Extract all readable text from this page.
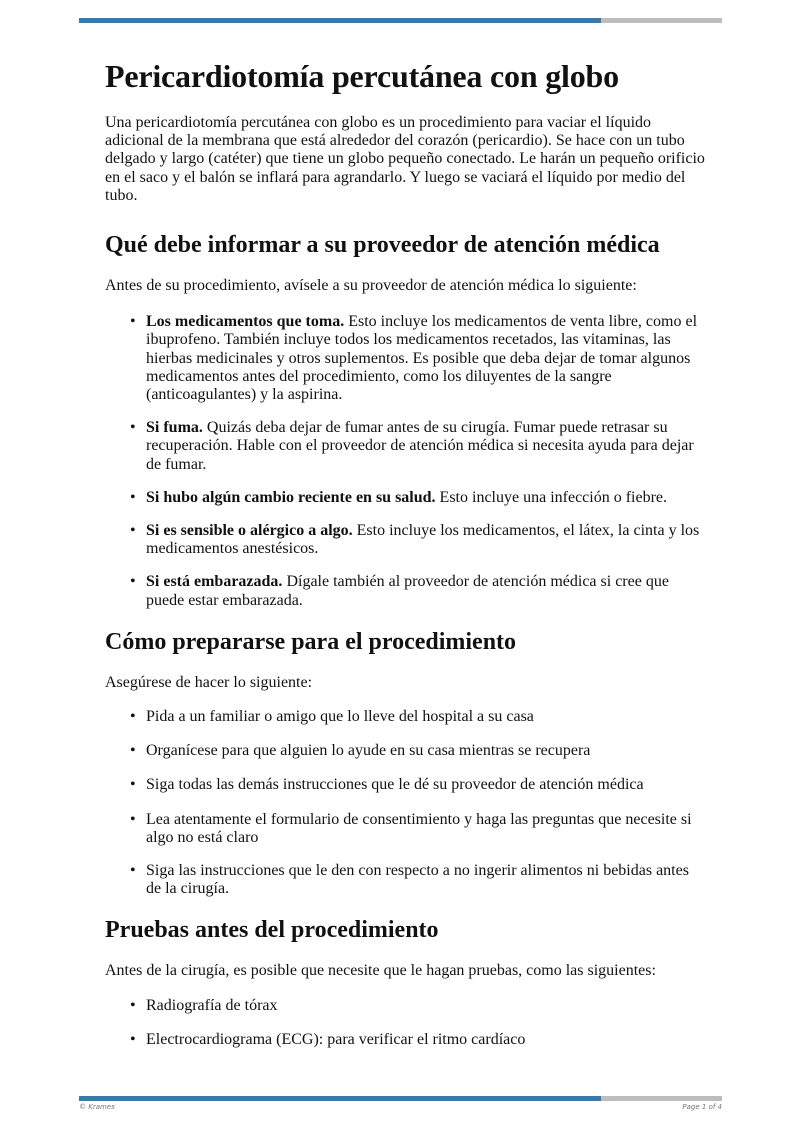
Pericardiotomía percutánea con globo

Una pericardiotomía percutánea con globo es un procedimiento para vaciar el líquido adicional de la membrana que está alrededor del corazón (pericardio). Se hace con un tubo delgado y largo (catéter) que tiene un globo pequeño conectado. Le harán un pequeño orificio en el saco y el balón se inflará para agrandarlo. Y luego se vaciará el líquido por medio del tubo.

Qué debe informar a su proveedor de atención médica

Antes de su procedimiento, avísele a su proveedor de atención médica lo siguiente:

• Los medicamentos que toma. Esto incluye los medicamentos de venta libre, como el ibuprofeno. También incluye todos los medicamentos recetados, las vitaminas, las hierbas medicinales y otros suplementos. Es posible que deba dejar de tomar algunos medicamentos antes del procedimiento, como los diluyentes de la sangre (anticoagulantes) y la aspirina.
• Si fuma. Quizás deba dejar de fumar antes de su cirugía. Fumar puede retrasar su recuperación. Hable con el proveedor de atención médica si necesita ayuda para dejar de fumar.
• Si hubo algún cambio reciente en su salud. Esto incluye una infección o fiebre.
• Si es sensible o alérgico a algo. Esto incluye los medicamentos, el látex, la cinta y los medicamentos anestésicos.
• Si está embarazada. Dígale también al proveedor de atención médica si cree que puede estar embarazada.
Cómo prepararse para el procedimiento

Asegúrese de hacer lo siguiente:

• Pida a un familiar o amigo que lo lleve del hospital a su casa
• Organícese para que alguien lo ayude en su casa mientras se recupera
• Siga todas las demás instrucciones que le dé su proveedor de atención médica
• Lea atentamente el formulario de consentimiento y haga las preguntas que necesite si algo no está claro
• Siga las instrucciones que le den con respecto a no ingerir alimentos ni bebidas antes de la cirugía.
Pruebas antes del procedimiento

Antes de la cirugía, es posible que necesite que le hagan pruebas, como las siguientes:

• Radiografía de tórax
• Electrocardiograma (ECG): para verificar el ritmo cardíaco
© Krames	Page 1 of 4
